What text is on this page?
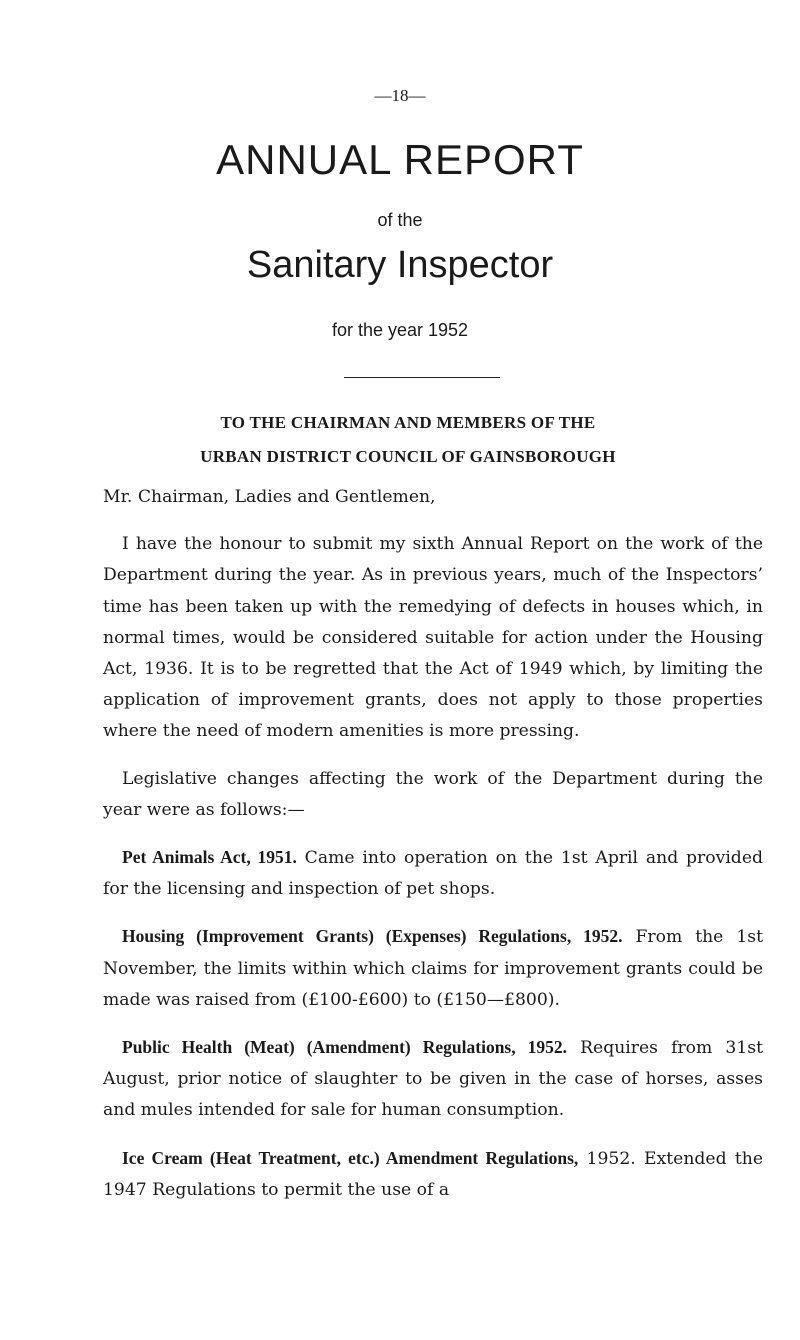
—18—
ANNUAL REPORT
of the
Sanitary Inspector
for the year 1952
TO THE CHAIRMAN AND MEMBERS OF THE
URBAN DISTRICT COUNCIL OF GAINSBOROUGH

Mr. Chairman, Ladies and Gentlemen,

I have the honour to submit my sixth Annual Report on the work of the Department during the year. As in previous years, much of the Inspectors’ time has been taken up with the remedying of defects in houses which, in normal times, would be considered suitable for action under the Housing Act, 1936. It is to be regretted that the Act of 1949 which, by limiting the application of improvement grants, does not apply to those properties where the need of modern amenities is more pressing.

Legislative changes affecting the work of the Department during the year were as follows:—

Pet Animals Act, 1951. Came into operation on the 1st April and provided for the licensing and inspection of pet shops.

Housing (Improvement Grants) (Expenses) Regulations, 1952. From the 1st November, the limits within which claims for improvement grants could be made was raised from (£100-£600) to (£150—£800).

Public Health (Meat) (Amendment) Regulations, 1952. Requires from 31st August, prior notice of slaughter to be given in the case of horses, asses and mules intended for sale for human consumption.

Ice Cream (Heat Treatment, etc.) Amendment Regulations, 1952. Extended the 1947 Regulations to permit the use of a
